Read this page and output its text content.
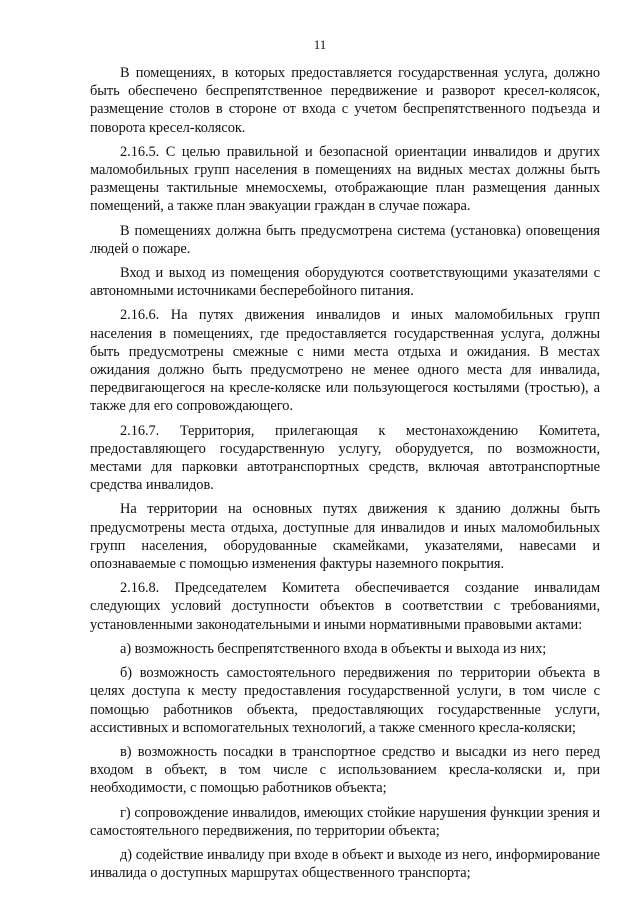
11

В помещениях, в которых предоставляется государственная услуга, должно быть обеспечено беспрепятственное передвижение и разворот кресел-колясок, размещение столов в стороне от входа с учетом беспрепятственного подъезда и поворота кресел-колясок.

2.16.5. С целью правильной и безопасной ориентации инвалидов и других маломобильных групп населения в помещениях на видных местах должны быть размещены тактильные мнемосхемы, отображающие план размещения данных помещений, а также план эвакуации граждан в случае пожара.

В помещениях должна быть предусмотрена система (установка) оповещения людей о пожаре.

Вход и выход из помещения оборудуются соответствующими указателями с автономными источниками бесперебойного питания.

2.16.6. На путях движения инвалидов и иных маломобильных групп населения в помещениях, где предоставляется государственная услуга, должны быть предусмотрены смежные с ними места отдыха и ожидания. В местах ожидания должно быть предусмотрено не менее одного места для инвалида, передвигающегося на кресле-коляске или пользующегося костылями (тростью), а также для его сопровождающего.

2.16.7. Территория, прилегающая к местонахождению Комитета, предоставляющего государственную услугу, оборудуется, по возможности, местами для парковки автотранспортных средств, включая автотранспортные средства инвалидов.

На территории на основных путях движения к зданию должны быть предусмотрены места отдыха, доступные для инвалидов и иных маломобильных групп населения, оборудованные скамейками, указателями, навесами и опознаваемые с помощью изменения фактуры наземного покрытия.

2.16.8. Председателем Комитета обеспечивается создание инвалидам следующих условий доступности объектов в соответствии с требованиями, установленными законодательными и иными нормативными правовыми актами:

а) возможность беспрепятственного входа в объекты и выхода из них;

б) возможность самостоятельного передвижения по территории объекта в целях доступа к месту предоставления государственной услуги, в том числе с помощью работников объекта, предоставляющих государственные услуги, ассистивных и вспомогательных технологий, а также сменного кресла-коляски;

в) возможность посадки в транспортное средство и высадки из него перед входом в объект, в том числе с использованием кресла-коляски и, при необходимости, с помощью работников объекта;

г) сопровождение инвалидов, имеющих стойкие нарушения функции зрения и самостоятельного передвижения, по территории объекта;

д) содействие инвалиду при входе в объект и выходе из него, информирование инвалида о доступных маршрутах общественного транспорта;
